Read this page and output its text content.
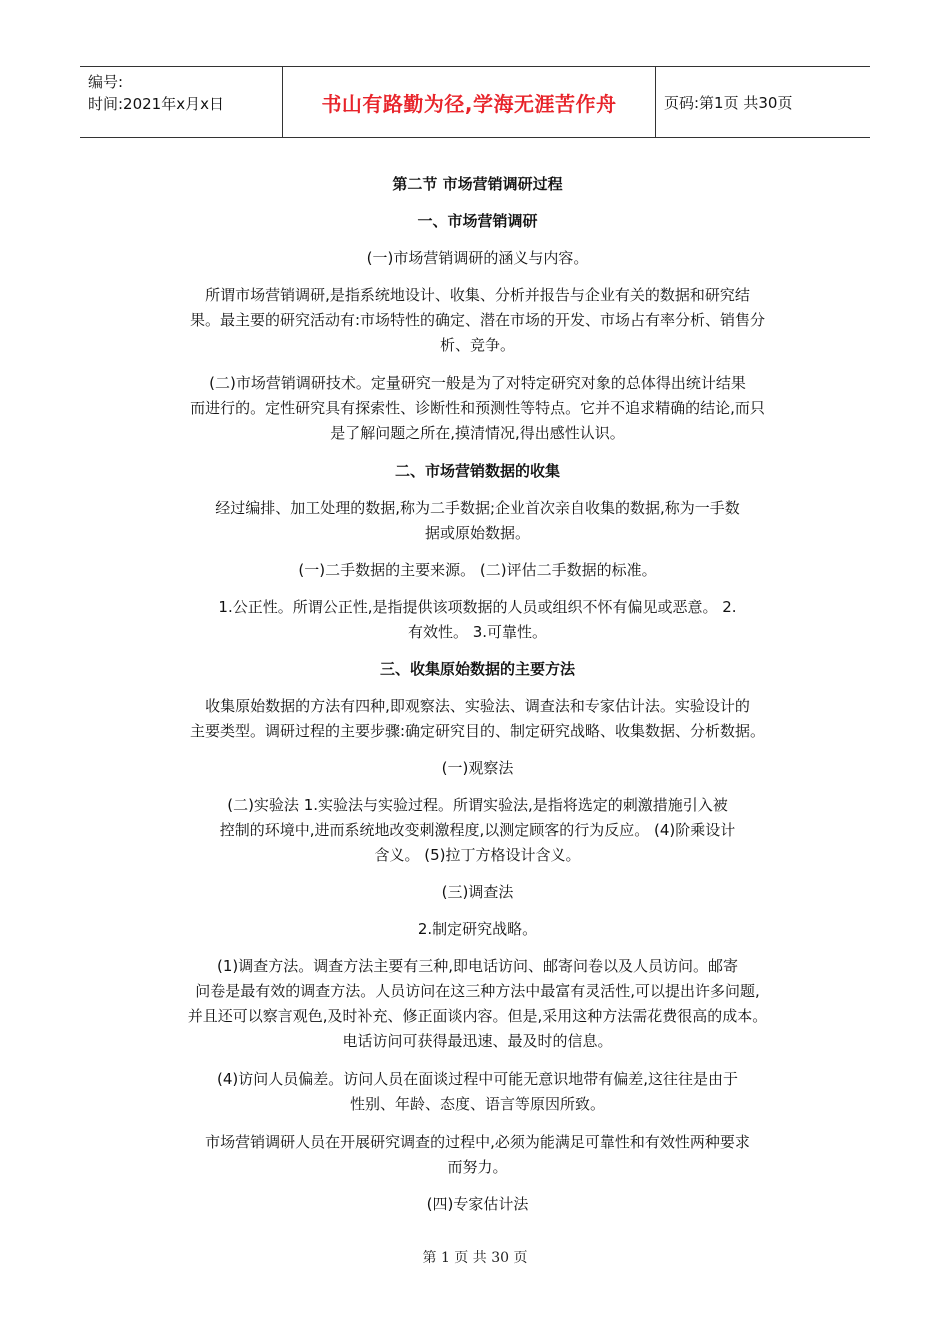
编号:
时间:2021年x月x日	书山有路勤为径,学海无涯苦作舟	页码:第1页 共30页
第二节 市场营销调研过程
一、市场营销调研
(一)市场营销调研的涵义与内容。
所谓市场营销调研,是指系统地设计、收集、分析并报告与企业有关的数据和研究结
果。最主要的研究活动有:市场特性的确定、潜在市场的开发、市场占有率分析、销售分
析、竞争。
(二)市场营销调研技术。定量研究一般是为了对特定研究对象的总体得出统计结果
而进行的。定性研究具有探索性、诊断性和预测性等特点。它并不追求精确的结论,而只
是了解问题之所在,摸清情况,得出感性认识。
二、市场营销数据的收集
经过编排、加工处理的数据,称为二手数据;企业首次亲自收集的数据,称为一手数
据或原始数据。
(一)二手数据的主要来源。 (二)评估二手数据的标准。
1.公正性。所谓公正性,是指提供该项数据的人员或组织不怀有偏见或恶意。 2.
有效性。 3.可靠性。
三、收集原始数据的主要方法
收集原始数据的方法有四种,即观察法、实验法、调查法和专家估计法。实验设计的
主要类型。调研过程的主要步骤:确定研究目的、制定研究战略、收集数据、分析数据。
(一)观察法
(二)实验法 1.实验法与实验过程。所谓实验法,是指将选定的刺激措施引入被
控制的环境中,进而系统地改变刺激程度,以测定顾客的行为反应。 (4)阶乘设计
含义。 (5)拉丁方格设计含义。
(三)调查法
2.制定研究战略。
(1)调查方法。调查方法主要有三种,即电话访问、邮寄问卷以及人员访问。邮寄
问卷是最有效的调查方法。人员访问在这三种方法中最富有灵活性,可以提出许多问题,
并且还可以察言观色,及时补充、修正面谈内容。但是,采用这种方法需花费很高的成本。
电话访问可获得最迅速、最及时的信息。
(4)访问人员偏差。访问人员在面谈过程中可能无意识地带有偏差,这往往是由于
性别、年龄、态度、语言等原因所致。
市场营销调研人员在开展研究调查的过程中,必须为能满足可靠性和有效性两种要求
而努力。
(四)专家估计法
第 1 页 共 30 页
